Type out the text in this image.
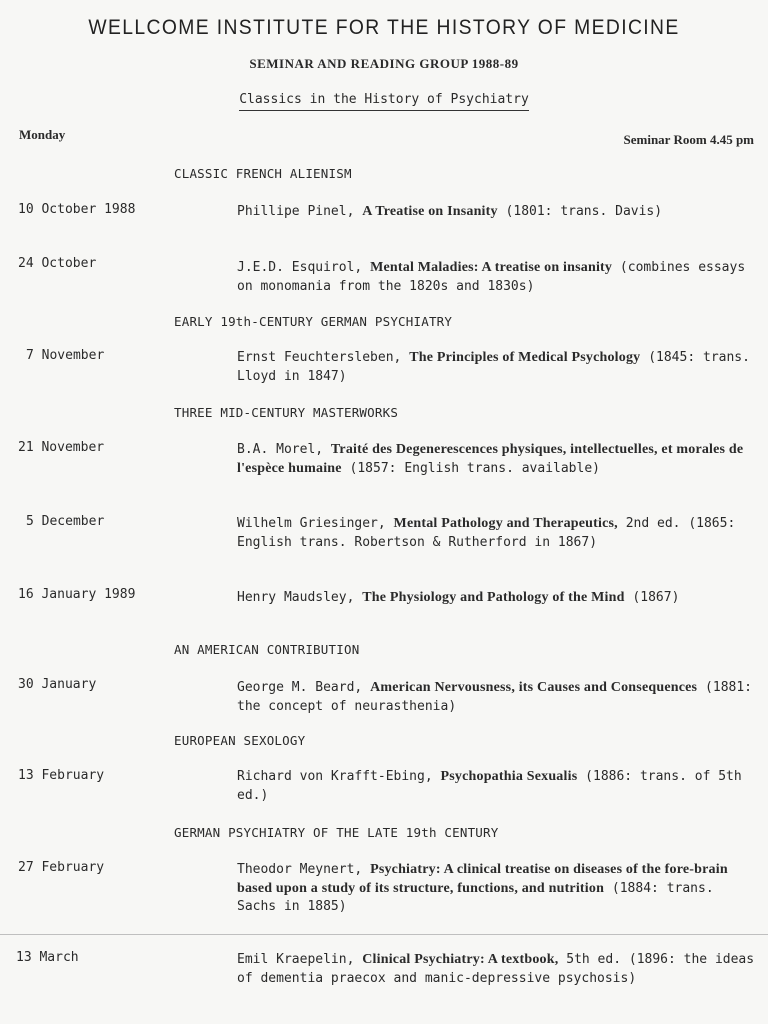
WELLCOME INSTITUTE FOR THE HISTORY OF MEDICINE
SEMINAR AND READING GROUP 1988-89
Classics in the History of Psychiatry
Monday	Seminar Room 4.45 pm
CLASSIC FRENCH ALIENISM
EARLY 19th-CENTURY GERMAN PSYCHIATRY
THREE MID-CENTURY MASTERWORKS
AN AMERICAN CONTRIBUTION
EUROPEAN SEXOLOGY
GERMAN PSYCHIATRY OF THE LATE 19th CENTURY
10 October 1988	Phillipe Pinel, A Treatise on Insanity (1801: trans. Davis)
24 October	J.E.D. Esquirol, Mental Maladies: A treatise on insanity (combines essays on monomania from the 1820s and 1830s)
7 November	Ernst Feuchtersleben, The Principles of Medical Psychology (1845: trans. Lloyd in 1847)
21 November	B.A. Morel, Traité des Degenerescences physiques, intellectuelles, et morales de l'espèce humaine (1857: English trans. available)
5 December	Wilhelm Griesinger, Mental Pathology and Therapeutics, 2nd ed. (1865: English trans. Robertson & Rutherford in 1867)
16 January 1989	Henry Maudsley, The Physiology and Pathology of the Mind (1867)
30 January	George M. Beard, American Nervousness, its Causes and Consequences (1881: the concept of neurasthenia)
13 February	Richard von Krafft-Ebing, Psychopathia Sexualis (1886: trans. of 5th ed.)
27 February	Theodor Meynert, Psychiatry: A clinical treatise on diseases of the fore-brain based upon a study of its structure, functions, and nutrition (1884: trans. Sachs in 1885)
13 March	Emil Kraepelin, Clinical Psychiatry: A textbook, 5th ed. (1896: the ideas of dementia praecox and manic-depressive psychosis)
